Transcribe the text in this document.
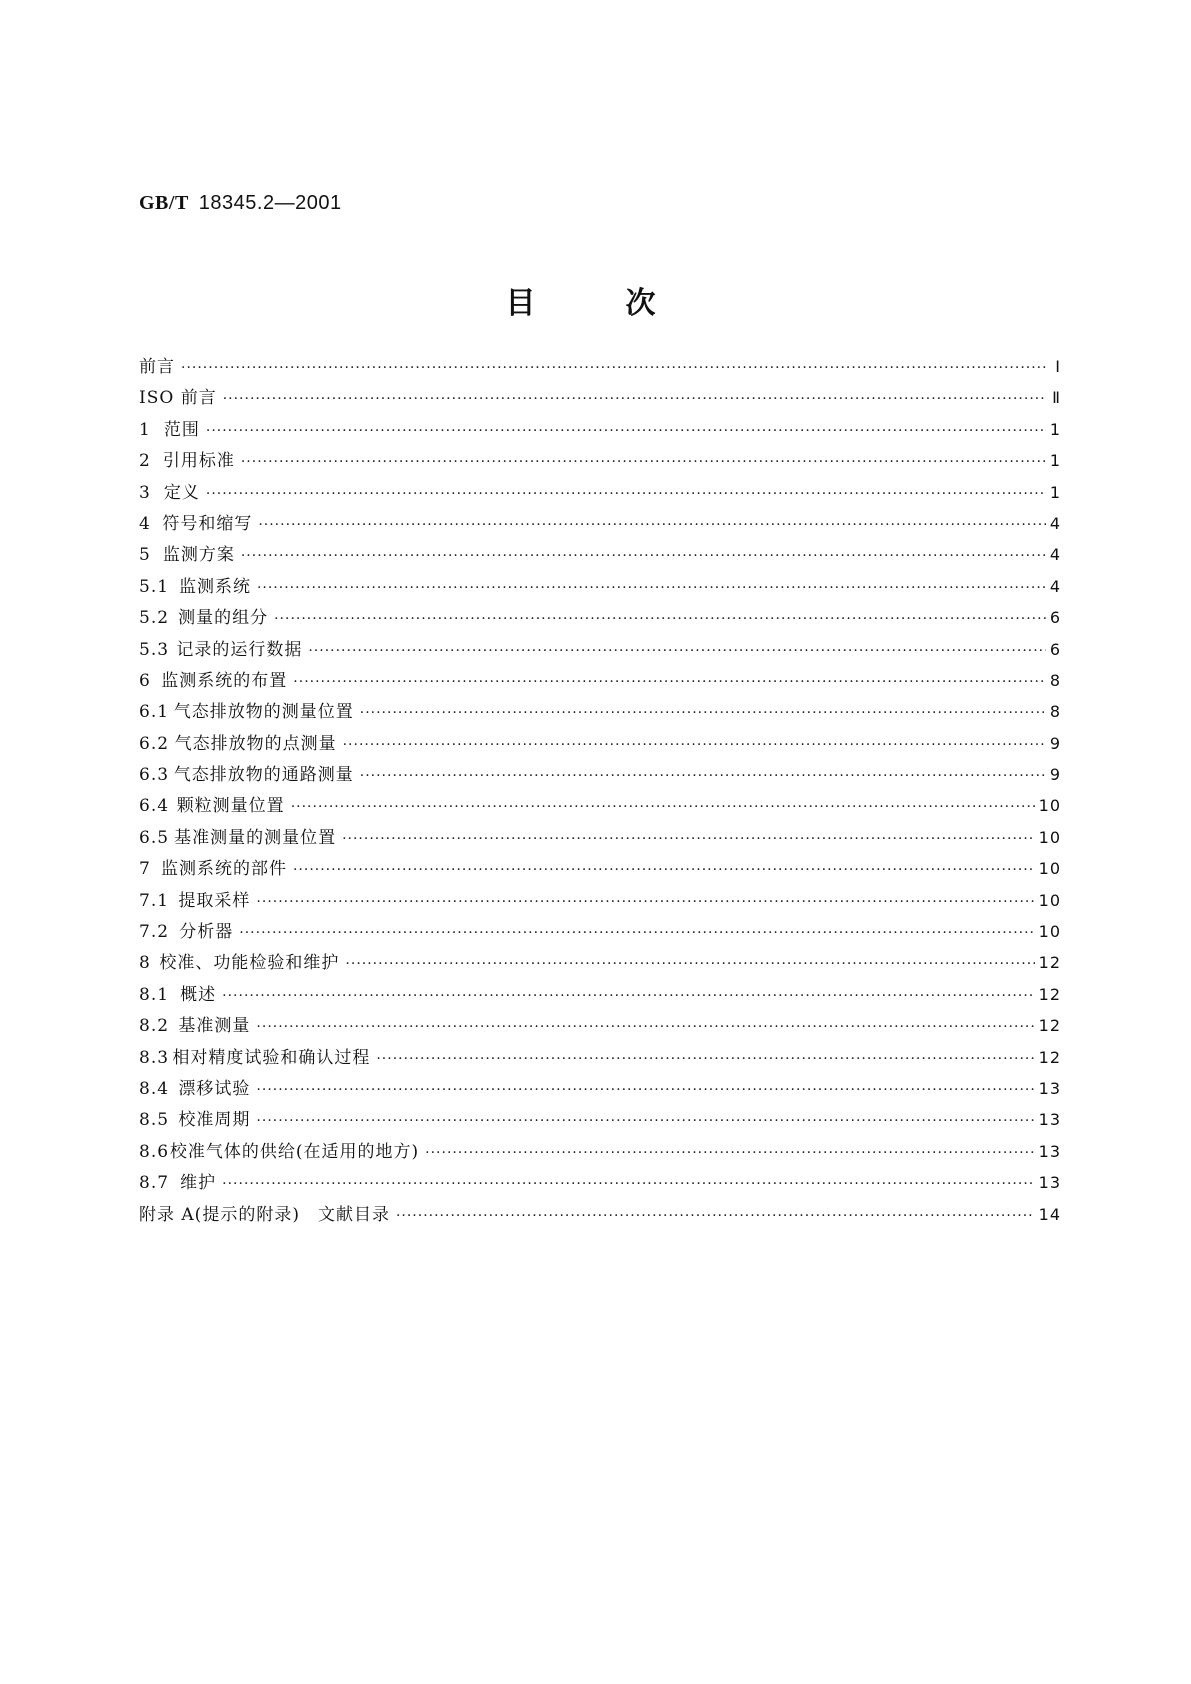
GB/T 18345.2—2001
目次
前言 ·····	Ⅰ
ISO 前言 ·····	Ⅱ
1 范围 ·····	1
2 引用标准 ·····	1
3 定义 ·····	1
4 符号和缩写 ·····	4
5 监测方案 ·····	4
5.1 监测系统 ·····	4
5.2 测量的组分 ·····	6
5.3 记录的运行数据 ·····	6
6 监测系统的布置 ·····	8
6.1 气态排放物的测量位置 ·····	8
6.2 气态排放物的点测量 ·····	9
6.3 气态排放物的通路测量 ·····	9
6.4 颗粒测量位置 ·····	10
6.5 基准测量的测量位置 ·····	10
7 监测系统的部件 ·····	10
7.1 提取采样 ·····	10
7.2 分析器 ·····	10
8 校准、功能检验和维护 ·····	12
8.1 概述 ·····	12
8.2 基准测量 ·····	12
8.3 相对精度试验和确认过程 ·····	12
8.4 漂移试验 ·····	13
8.5 校准周期 ·····	13
8.6 校准气体的供给(在适用的地方) ·····	13
8.7 维护 ·····	13
附录 A(提示的附录)　文献目录 ·····	14
